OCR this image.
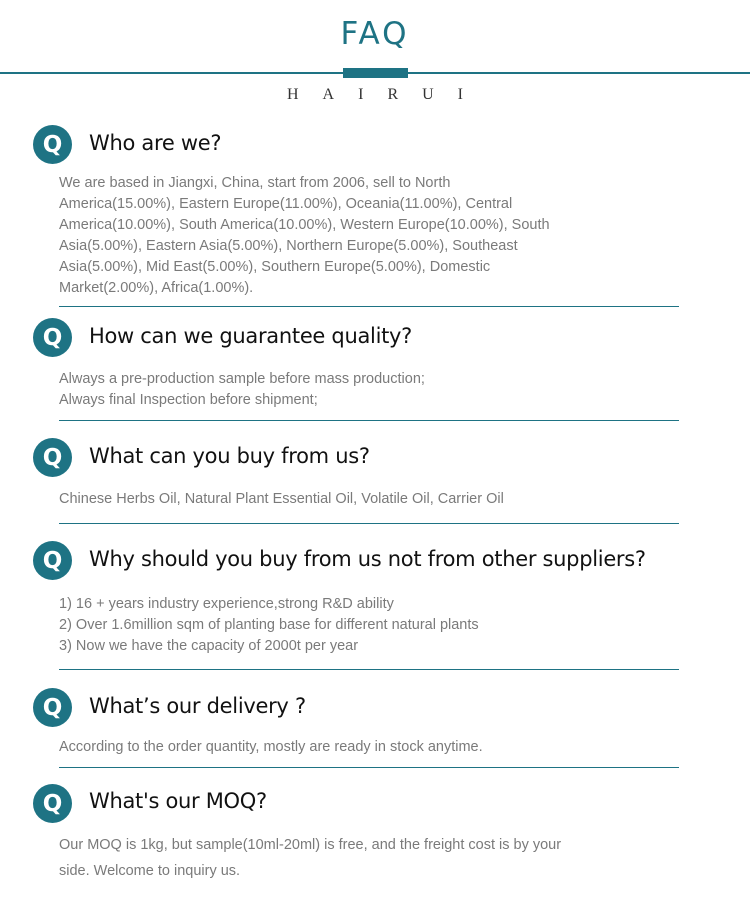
FAQ
HAIRUI
Q	Who are we?
We are based in Jiangxi, China, start from 2006, sell to North
America(15.00%), Eastern Europe(11.00%), Oceania(11.00%), Central
America(10.00%), South America(10.00%), Western Europe(10.00%), South
Asia(5.00%), Eastern Asia(5.00%), Northern Europe(5.00%), Southeast
Asia(5.00%), Mid East(5.00%), Southern Europe(5.00%), Domestic
Market(2.00%), Africa(1.00%).
Q	How can we guarantee quality?
Always a pre-production sample before mass production;
Always final Inspection before shipment;
Q	What can you buy from us?
Chinese Herbs Oil, Natural Plant Essential Oil, Volatile Oil, Carrier Oil
Q	Why should you buy from us not from other suppliers?
1) 16 + years industry experience,strong R&D ability
2) Over 1.6million sqm of planting base for different natural plants
3) Now we have the capacity of 2000t per year
Q	What’s our delivery ?
According to the order quantity, mostly are ready in stock anytime.
Q	What's our MOQ?
Our MOQ is 1kg, but sample(10ml-20ml) is free, and the freight cost is by your
side. Welcome to inquiry us.
